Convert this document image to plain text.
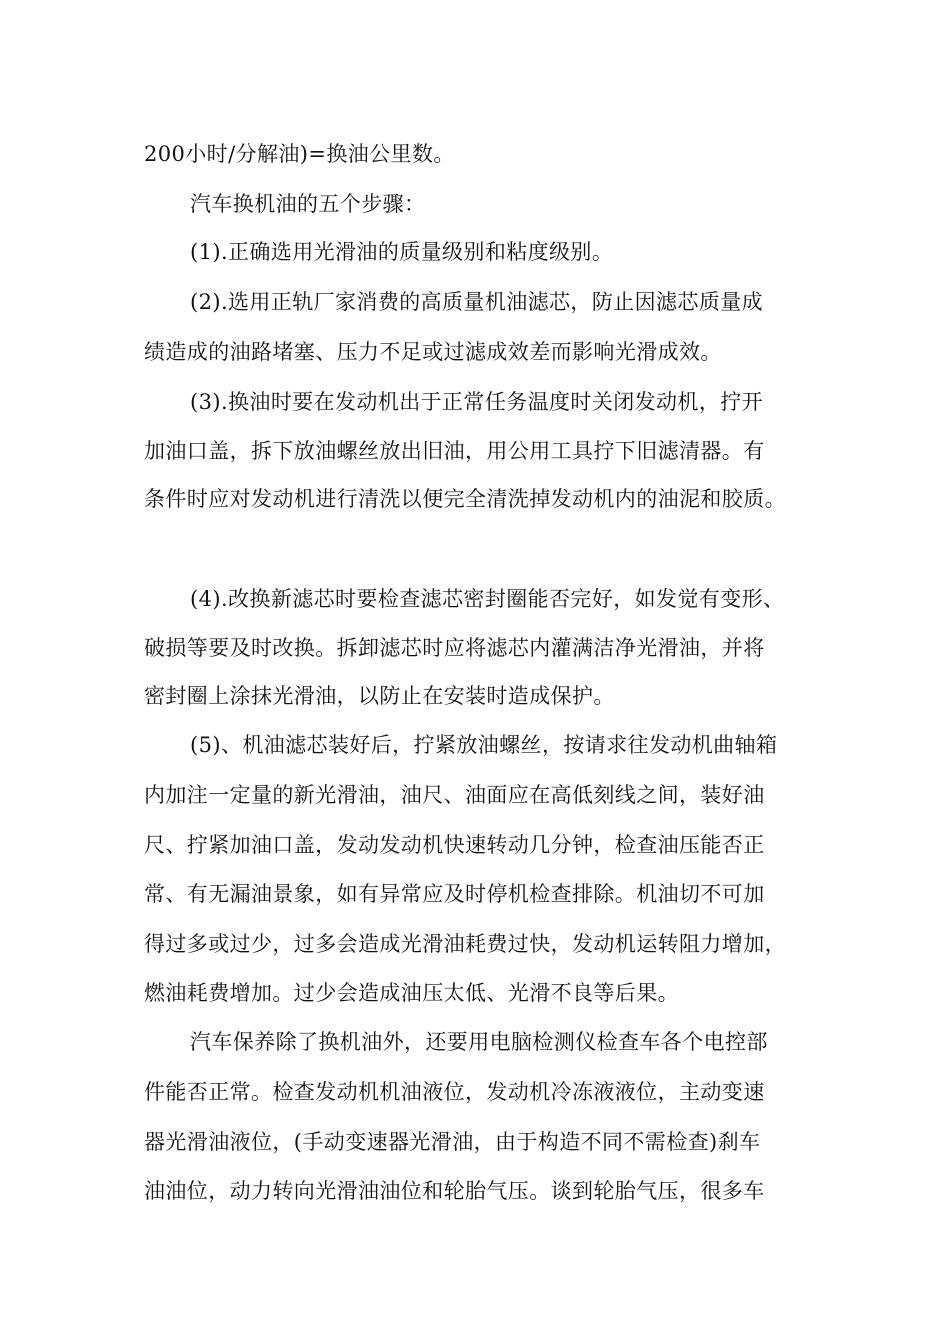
200小时/分解油)=换油公里数。
汽车换机油的五个步骤：
(1).正确选用光滑油的质量级别和粘度级别。
(2).选用正轨厂家消费的高质量机油滤芯，防止因滤芯质量成
绩造成的油路堵塞、压力不足或过滤成效差而影响光滑成效。
(3).换油时要在发动机出于正常任务温度时关闭发动机，拧开
加油口盖，拆下放油螺丝放出旧油，用公用工具拧下旧滤清器。有
条件时应对发动机进行清洗以便完全清洗掉发动机内的油泥和胶质。
(4).改换新滤芯时要检查滤芯密封圈能否完好，如发觉有变形、
破损等要及时改换。拆卸滤芯时应将滤芯内灌满洁净光滑油，并将
密封圈上涂抹光滑油，以防止在安装时造成保护。
(5)、机油滤芯装好后，拧紧放油螺丝，按请求往发动机曲轴箱
内加注一定量的新光滑油，油尺、油面应在高低刻线之间，装好油
尺、拧紧加油口盖，发动发动机快速转动几分钟，检查油压能否正
常、有无漏油景象，如有异常应及时停机检查排除。机油切不可加
得过多或过少，过多会造成光滑油耗费过快，发动机运转阻力增加，
燃油耗费增加。过少会造成油压太低、光滑不良等后果。
汽车保养除了换机油外，还要用电脑检测仪检查车各个电控部
件能否正常。检查发动机机油液位，发动机冷冻液液位，主动变速
器光滑油液位，(手动变速器光滑油，由于构造不同不需检查)刹车
油油位，动力转向光滑油油位和轮胎气压。谈到轮胎气压，很多车
